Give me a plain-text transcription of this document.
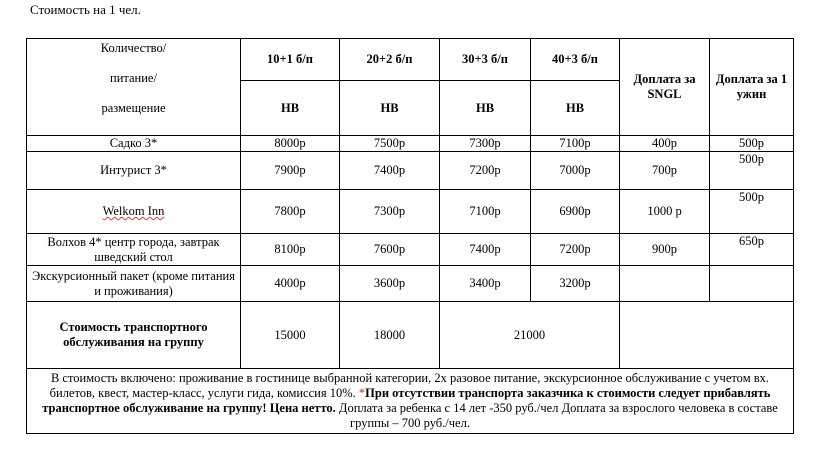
Стоимость на 1 чел.
Количество/
питание/
размещение	10+1 б/п	20+2 б/п	30+3 б/п	40+3 б/п	Доплата за SNGL	Доплата за 1 ужин
	HB	HB	HB	HB		
Садко 3*	8000р	7500р	7300р	7100р	400р	500р
Интурист 3*	7900р	7400р	7200р	7000р	700р	500р
Welkom Inn	7800р	7300р	7100р	6900р	1000 р	500р
Волхов 4* центр города, завтрак шведский стол	8100р	7600р	7400р	7200р	900р	650р
Экскурсионный пакет (кроме питания и проживания)	4000р	3600р	3400р	3200р		
Стоимость транспортного обслуживания на группу	15000	18000	21000			
В стоимость включено: проживание в гостинице выбранной категории, 2х разовое питание, экскурсионное обслуживание с учетом вх. билетов, квест, мастер-класс, услуги гида, комиссия 10%. *При отсутствии транспорта заказчика к стоимости следует прибавлять транспортное обслуживание на группу! Цена нетто. Доплата за ребенка с 14 лет -350 руб./чел Доплата за взрослого человека в составе группы – 700 руб./чел.						
